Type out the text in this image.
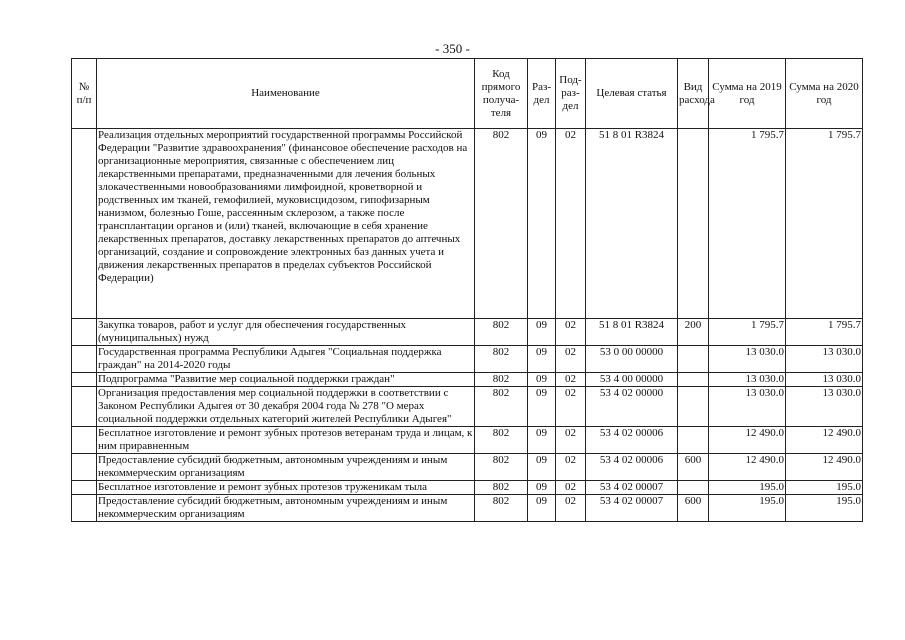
- 350 -
№ п/п	Наименование	Код прямого получа-теля	Раз-дел	Под-раз-дел	Целевая статья	Вид расхода	Сумма на 2019 год	Сумма на 2020 год
	Реализация отдельных мероприятий государственной программы Российской Федерации "Развитие здравоохранения" (финансовое обеспечение расходов на организационные мероприятия, связанные с обеспечением лиц лекарственными препаратами, предназначенными для лечения больных злокачественными новообразованиями лимфоидной, кроветворной и родственных им тканей, гемофилией, муковисцидозом, гипофизарным нанизмом, болезнью Гоше, рассеянным склерозом, а также после трансплантации органов и (или) тканей, включающие в себя хранение лекарственных препаратов, доставку лекарственных препаратов до аптечных организаций, создание и сопровождение электронных баз данных учета и движения лекарственных препаратов в пределах субъектов Российской Федерации)	802	09	02	51 8 01 R3824		1 795.7	1 795.7
	Закупка товаров, работ и услуг для обеспечения государственных (муниципальных) нужд	802	09	02	51 8 01 R3824	200	1 795.7	1 795.7
	Государственная программа Республики Адыгея "Социальная поддержка граждан" на 2014-2020 годы	802	09	02	53 0 00 00000		13 030.0	13 030.0
	Подпрограмма "Развитие мер социальной поддержки граждан"	802	09	02	53 4 00 00000		13 030.0	13 030.0
	Организация предоставления мер социальной поддержки в соответствии с Законом Республики Адыгея от 30 декабря 2004 года № 278 "О мерах социальной поддержки отдельных категорий жителей Республики Адыгея"	802	09	02	53 4 02 00000		13 030.0	13 030.0
	Бесплатное изготовление и ремонт зубных протезов ветеранам труда и лицам, к ним приравненным	802	09	02	53 4 02 00006		12 490.0	12 490.0
	Предоставление субсидий бюджетным, автономным учреждениям и иным некоммерческим организациям	802	09	02	53 4 02 00006	600	12 490.0	12 490.0
	Бесплатное изготовление и ремонт зубных протезов труженикам тыла	802	09	02	53 4 02 00007		195.0	195.0
	Предоставление субсидий бюджетным, автономным учреждениям и иным некоммерческим организациям	802	09	02	53 4 02 00007	600	195.0	195.0
